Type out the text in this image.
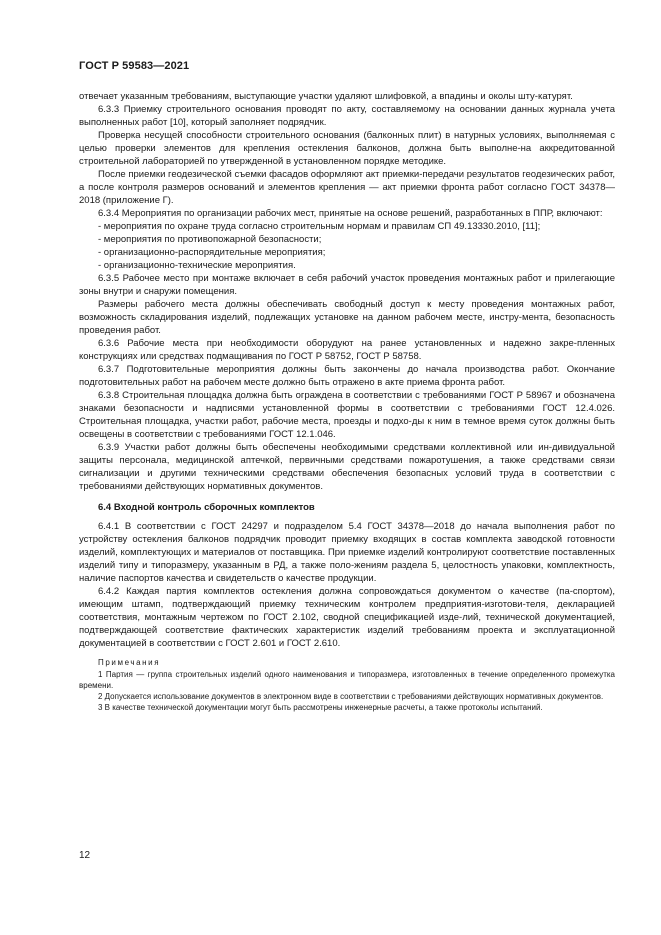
ГОСТ Р 59583—2021

отвечает указанным требованиям, выступающие участки удаляют шлифовкой, а впадины и околы шту-катурят.

6.3.3 Приемку строительного основания проводят по акту, составляемому на основании данных журнала учета выполненных работ [10], который заполняет подрядчик.

Проверка несущей способности строительного основания (балконных плит) в натурных условиях, выполняемая с целью проверки элементов для крепления остекления балконов, должна быть выполне-на аккредитованной строительной лабораторией по утвержденной в установленном порядке методике.

После приемки геодезической съемки фасадов оформляют акт приемки-передачи результатов геодезических работ, а после контроля размеров оснований и элементов крепления — акт приемки фронта работ согласно ГОСТ 34378—2018 (приложение Г).

6.3.4 Мероприятия по организации рабочих мест, принятые на основе решений, разработанных в ППР, включают:

- мероприятия по охране труда согласно строительным нормам и правилам СП 49.13330.2010, [11];

- мероприятия по противопожарной безопасности;

- организационно-распорядительные мероприятия;

- организационно-технические мероприятия.

6.3.5 Рабочее место при монтаже включает в себя рабочий участок проведения монтажных работ и прилегающие зоны внутри и снаружи помещения.

Размеры рабочего места должны обеспечивать свободный доступ к месту проведения монтажных работ, возможность складирования изделий, подлежащих установке на данном рабочем месте, инстру-мента, безопасность проведения работ.

6.3.6 Рабочие места при необходимости оборудуют на ранее установленных и надежно закре-пленных конструкциях или средствах подмащивания по ГОСТ Р 58752, ГОСТ Р 58758.

6.3.7 Подготовительные мероприятия должны быть закончены до начала производства работ. Окончание подготовительных работ на рабочем месте должно быть отражено в акте приема фронта работ.

6.3.8 Строительная площадка должна быть ограждена в соответствии с требованиями ГОСТ Р 58967 и обозначена знаками безопасности и надписями установленной формы в соответствии с требованиями ГОСТ 12.4.026. Строительная площадка, участки работ, рабочие места, проезды и подхо-ды к ним в темное время суток должны быть освещены в соответствии с требованиями ГОСТ 12.1.046.

6.3.9 Участки работ должны быть обеспечены необходимыми средствами коллективной или ин-дивидуальной защиты персонала, медицинской аптечкой, первичными средствами пожаротушения, а также средствами связи сигнализации и другими техническими средствами обеспечения безопасных условий труда в соответствии с требованиями действующих нормативных документов.

6.4 Входной контроль сборочных комплектов

6.4.1 В соответствии с ГОСТ 24297 и подразделом 5.4 ГОСТ 34378—2018 до начала выполнения работ по устройству остекления балконов подрядчик проводит приемку входящих в состав комплекта заводской готовности изделий, комплектующих и материалов от поставщика. При приемке изделий контролируют соответствие поставленных изделий типу и типоразмеру, указанным в РД, а также поло-жениям раздела 5, целостность упаковки, комплектность, наличие паспортов качества и свидетельств о качестве продукции.

6.4.2 Каждая партия комплектов остекления должна сопровождаться документом о качестве (па-спортом), имеющим штамп, подтверждающий приемку техническим контролем предприятия-изготови-теля, декларацией соответствия, монтажным чертежом по ГОСТ 2.102, сводной спецификацией изде-лий, технической документацией, подтверждающей соответствие фактических характеристик изделий требованиям проекта и эксплуатационной документацией в соответствии с ГОСТ 2.601 и ГОСТ 2.610.

Примечания

1 Партия — группа строительных изделий одного наименования и типоразмера, изготовленных в течение определенного промежутка времени.

2 Допускается использование документов в электронном виде в соответствии с требованиями действующих нормативных документов.

3 В качестве технической документации могут быть рассмотрены инженерные расчеты, а также протоколы испытаний.

12
